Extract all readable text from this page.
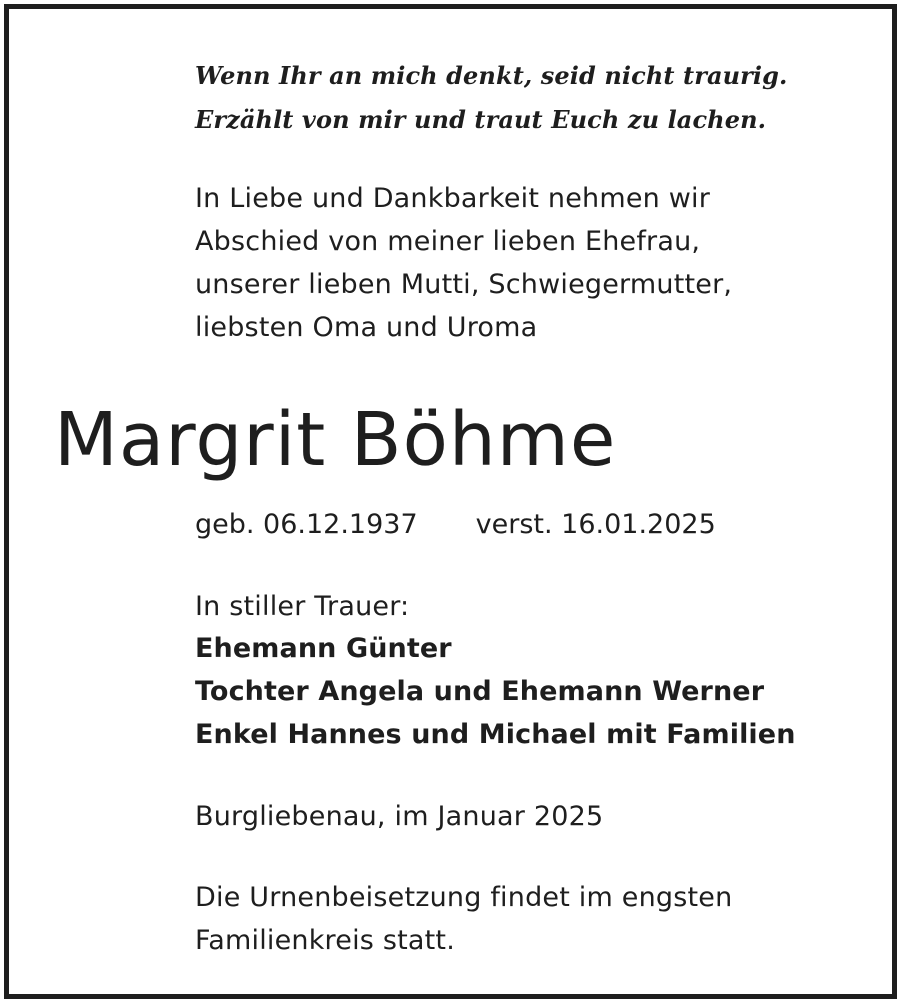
Wenn Ihr an mich denkt, seid nicht traurig.
Erzählt von mir und traut Euch zu lachen.
In Liebe und Dankbarkeit nehmen wir
Abschied von meiner lieben Ehefrau,
unserer lieben Mutti, Schwiegermutter,
liebsten Oma und Uroma
Margrit Böhme
geb. 06.12.1937 verst. 16.01.2025
In stiller Trauer:
Ehemann Günter
Tochter Angela und Ehemann Werner
Enkel Hannes und Michael mit Familien
Burgliebenau, im Januar 2025
Die Urnenbeisetzung findet im engsten
Familienkreis statt.
